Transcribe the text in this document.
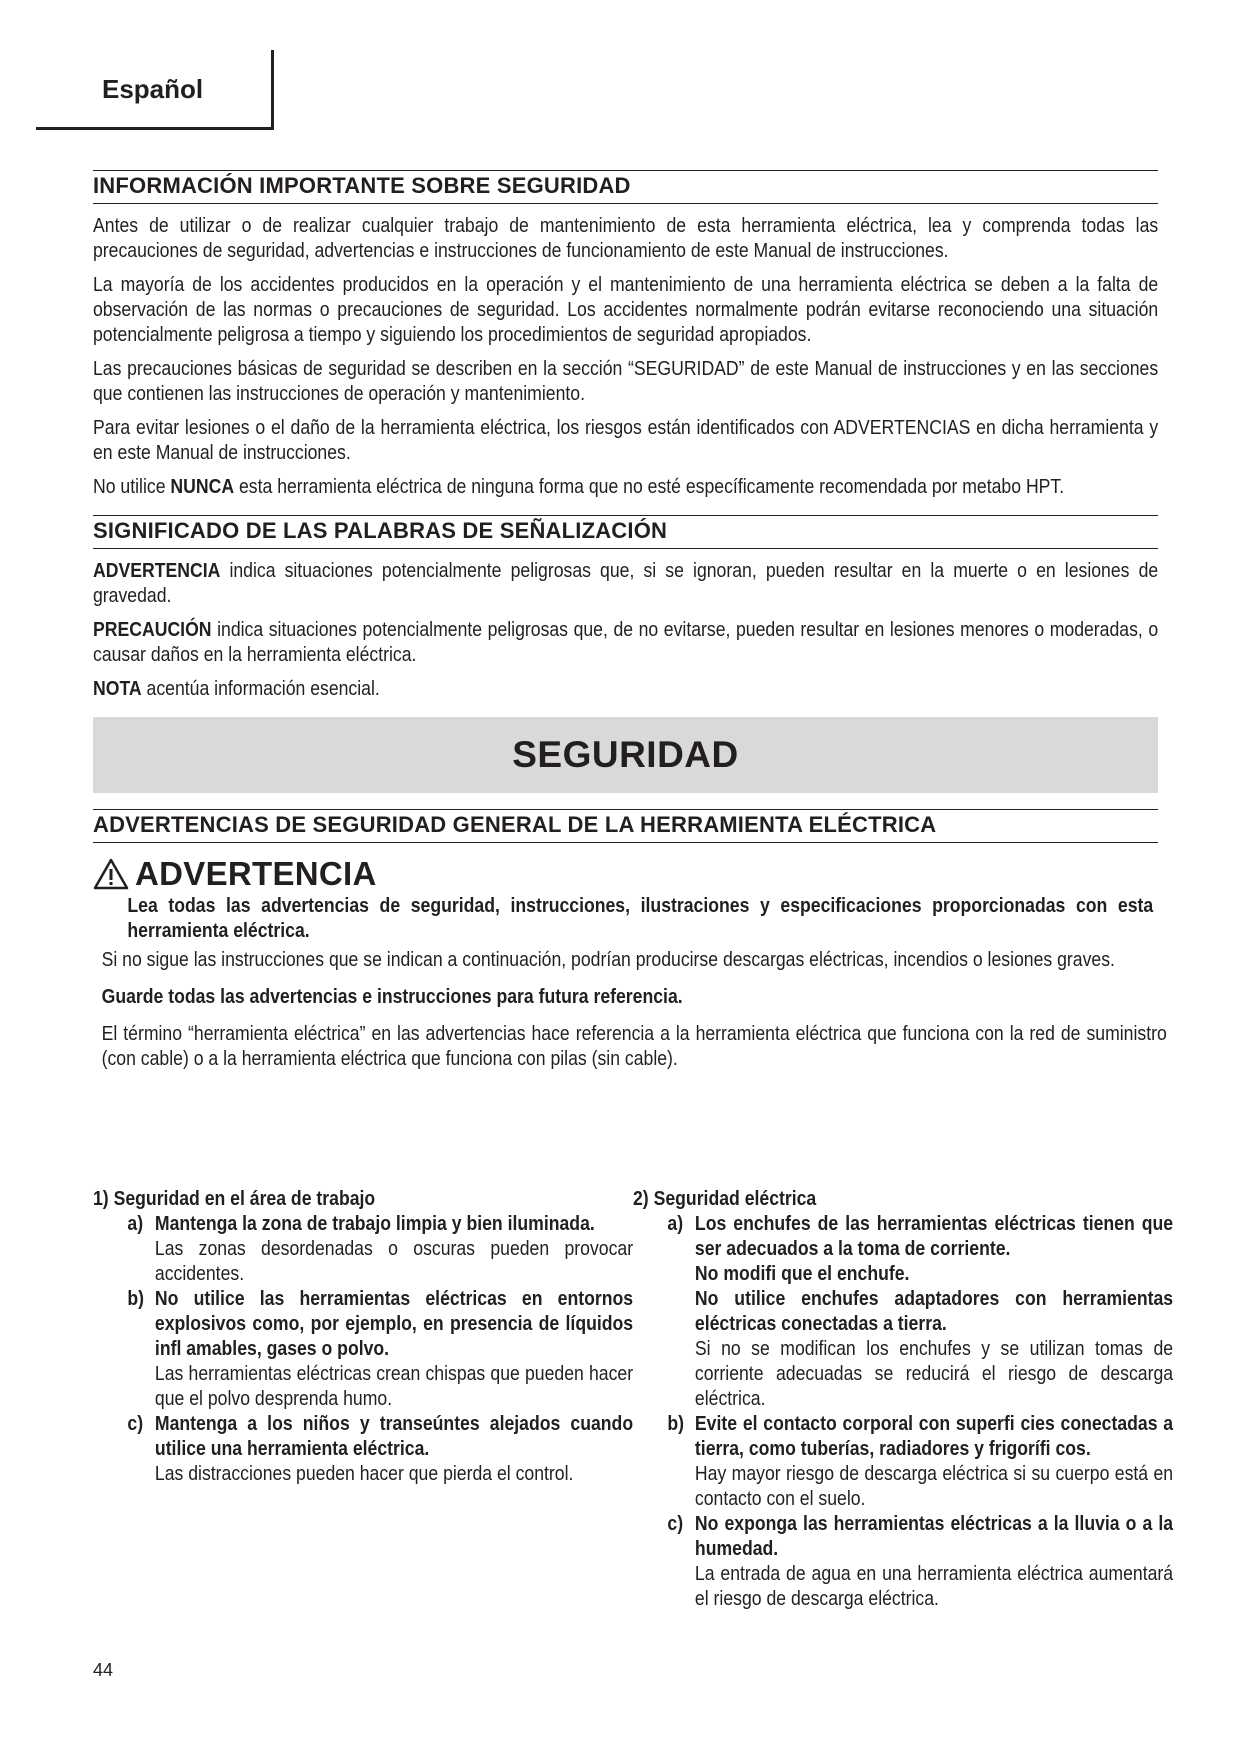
Español
INFORMACIÓN IMPORTANTE SOBRE SEGURIDAD

Antes de utilizar o de realizar cualquier trabajo de mantenimiento de esta herramienta eléctrica, lea y comprenda todas las precauciones de seguridad, advertencias e instrucciones de funcionamiento de este Manual de instrucciones.

La mayoría de los accidentes producidos en la operación y el mantenimiento de una herramienta eléctrica se deben a la falta de observación de las normas o precauciones de seguridad. Los accidentes normalmente podrán evitarse reconociendo una situación potencialmente peligrosa a tiempo y siguiendo los procedimientos de seguridad apropiados.

Las precauciones básicas de seguridad se describen en la sección “SEGURIDAD” de este Manual de instrucciones y en las secciones que contienen las instrucciones de operación y mantenimiento.

Para evitar lesiones o el daño de la herramienta eléctrica, los riesgos están identificados con ADVERTENCIAS en dicha herramienta y en este Manual de instrucciones.

No utilice NUNCA esta herramienta eléctrica de ninguna forma que no esté específicamente recomendada por metabo HPT.

SIGNIFICADO DE LAS PALABRAS DE SEÑALIZACIÓN

ADVERTENCIA indica situaciones potencialmente peligrosas que, si se ignoran, pueden resultar en la muerte o en lesiones de gravedad.

PRECAUCIÓN indica situaciones potencialmente peligrosas que, de no evitarse, pueden resultar en lesiones menores o moderadas, o causar daños en la herramienta eléctrica.

NOTA acentúa información esencial.

SEGURIDAD
ADVERTENCIAS DE SEGURIDAD GENERAL DE LA HERRAMIENTA ELÉCTRICA
ADVERTENCIA

Lea todas las advertencias de seguridad, instrucciones, ilustraciones y especificaciones proporcionadas con esta herramienta eléctrica.

Si no sigue las instrucciones que se indican a continuación, podrían producirse descargas eléctricas, incendios o lesiones graves.

Guarde todas las advertencias e instrucciones para futura referencia.

El término “herramienta eléctrica” en las advertencias hace referencia a la herramienta eléctrica que funciona con la red de suministro (con cable) o a la herramienta eléctrica que funciona con pilas (sin cable).

1) Seguridad en el área de trabajo
a) Mantenga la zona de trabajo limpia y bien iluminada.
Las zonas desordenadas o oscuras pueden provocar accidentes.
b) No utilice las herramientas eléctricas en entornos explosivos como, por ejemplo, en presencia de líquidos infl amables, gases o polvo.
Las herramientas eléctricas crean chispas que pueden hacer que el polvo desprenda humo.
c) Mantenga a los niños y transeúntes alejados cuando utilice una herramienta eléctrica.
Las distracciones pueden hacer que pierda el control.
2) Seguridad eléctrica
a) Los enchufes de las herramientas eléctricas tienen que ser adecuados a la toma de corriente.
No modifi que el enchufe.
No utilice enchufes adaptadores con herramientas eléctricas conectadas a tierra.
Si no se modifican los enchufes y se utilizan tomas de corriente adecuadas se reducirá el riesgo de descarga eléctrica.
b) Evite el contacto corporal con superfi cies conectadas a tierra, como tuberías, radiadores y frigorífi cos.
Hay mayor riesgo de descarga eléctrica si su cuerpo está en contacto con el suelo.
c) No exponga las herramientas eléctricas a la lluvia o a la humedad.
La entrada de agua en una herramienta eléctrica aumentará el riesgo de descarga eléctrica.
44
